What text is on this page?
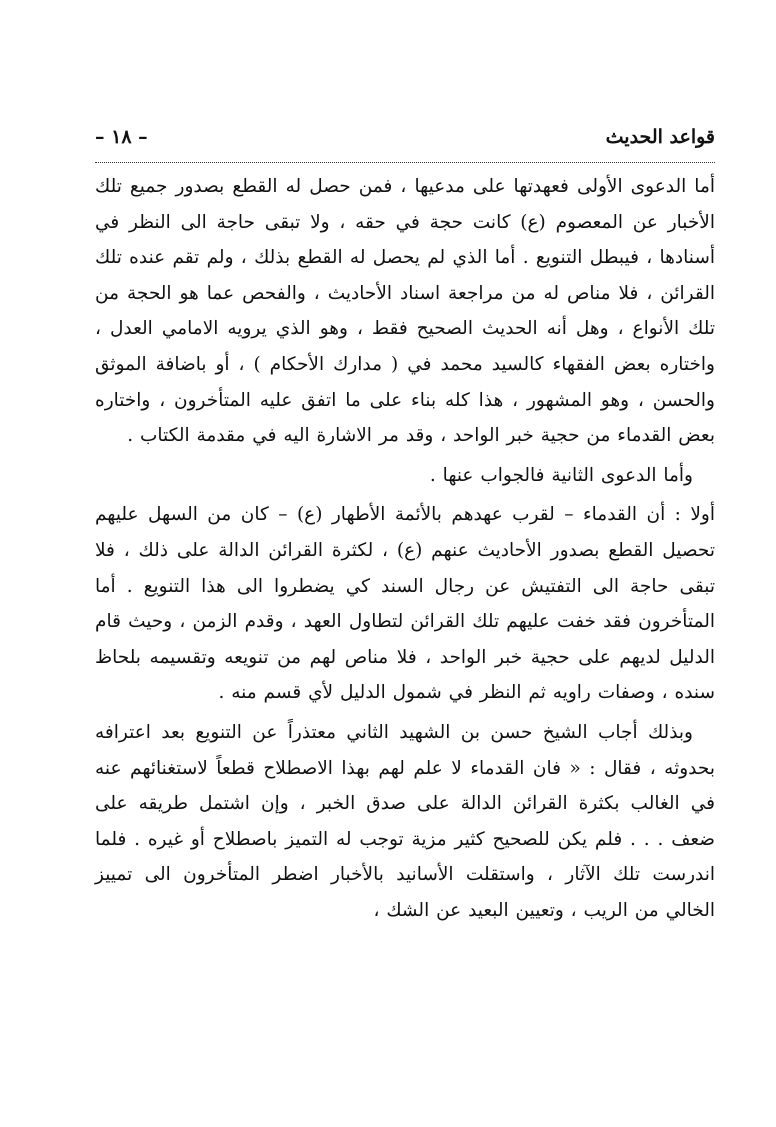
قواعد الحديث
– ١٨ –

أما الدعوى الأولى فعهدتها على مدعيها ، فمن حصل له القطع بصدور جميع تلك الأخبار عن المعصوم (ع) كانت حجة في حقه ، ولا تبقى حاجة الى النظر في أسنادها ، فيبطل التنويع . أما الذي لم يحصل له القطع بذلك ، ولم تقم عنده تلك القرائن ، فلا مناص له من مراجعة اسناد الأحاديث ، والفحص عما هو الحجة من تلك الأنواع ، وهل أنه الحديث الصحيح فقط ، وهو الذي يرويه الامامي العدل ، واختاره بعض الفقهاء كالسيد محمد في ( مدارك الأحكام ) ، أو باضافة الموثق والحسن ، وهو المشهور ، هذا كله بناء على ما اتفق عليه المتأخرون ، واختاره بعض القدماء من حجية خبر الواحد ، وقد مر الاشارة اليه في مقدمة الكتاب .

وأما الدعوى الثانية فالجواب عنها .

أولا : أن القدماء – لقرب عهدهم بالأئمة الأطهار (ع) – كان من السهل عليهم تحصيل القطع بصدور الأحاديث عنهم (ع) ، لكثرة القرائن الدالة على ذلك ، فلا تبقى حاجة الى التفتيش عن رجال السند كي يضطروا الى هذا التنويع . أما المتأخرون فقد خفت عليهم تلك القرائن لتطاول العهد ، وقدم الزمن ، وحيث قام الدليل لديهم على حجية خبر الواحد ، فلا مناص لهم من تنويعه وتقسيمه بلحاظ سنده ، وصفات راويه ثم النظر في شمول الدليل لأي قسم منه .

وبذلك أجاب الشيخ حسن بن الشهيد الثاني معتذراً عن التنويع بعد اعترافه بحدوثه ، فقال : « فان القدماء لا علم لهم بهذا الاصطلاح قطعاً لاستغنائهم عنه في الغالب بكثرة القرائن الدالة على صدق الخبر ، وإن اشتمل طريقه على ضعف . . . فلم يكن للصحيح كثير مزية توجب له التميز باصطلاح أو غيره . فلما اندرست تلك الآثار ، واستقلت الأسانيد بالأخبار اضطر المتأخرون الى تمييز الخالي من الريب ، وتعيين البعيد عن الشك ،
